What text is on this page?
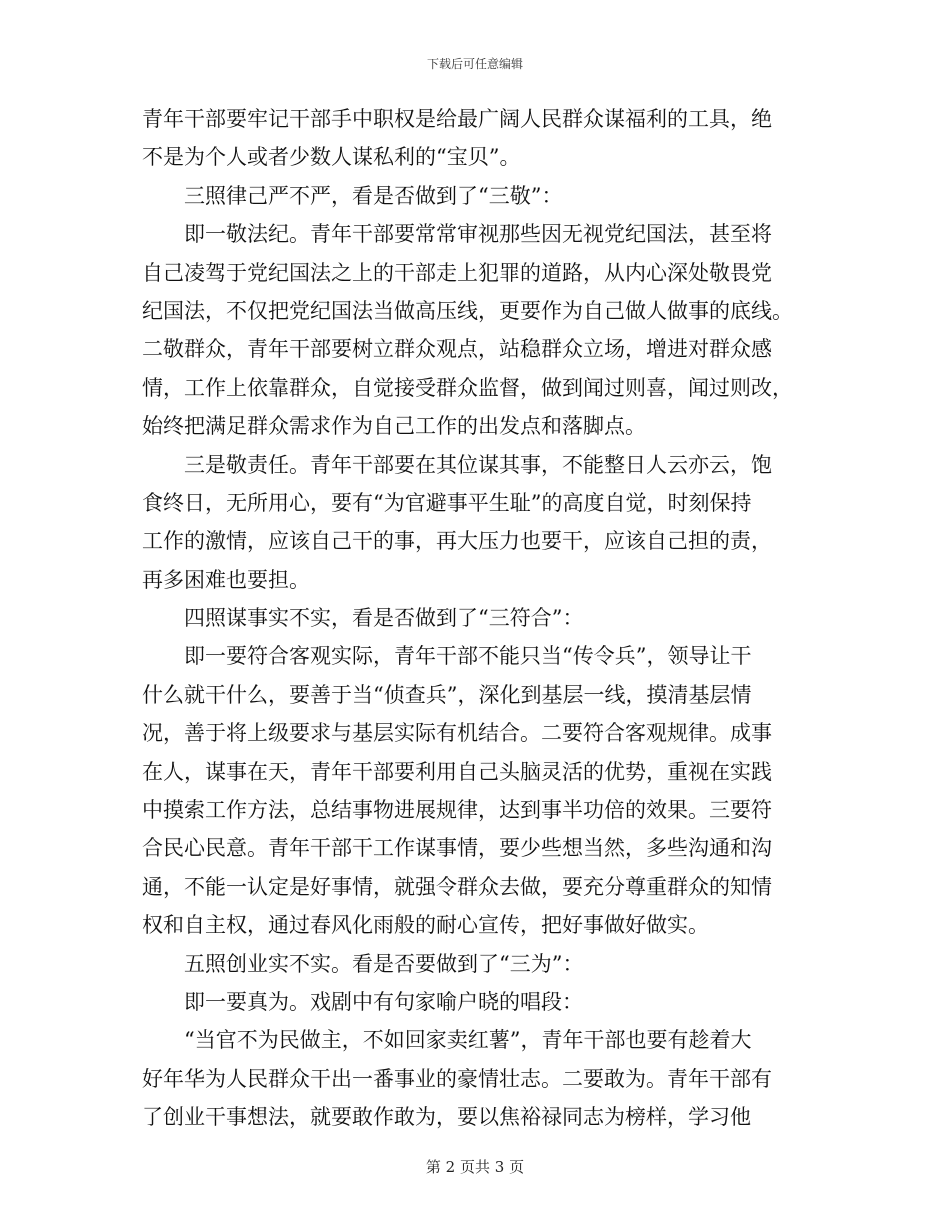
下载后可任意编辑
青年干部要牢记干部手中职权是给最广阔人民群众谋福利的工具，绝
不是为个人或者少数人谋私利的“宝贝”。
三照律己严不严，看是否做到了“三敬”：
即一敬法纪。青年干部要常常审视那些因无视党纪国法，甚至将
自己凌驾于党纪国法之上的干部走上犯罪的道路，从内心深处敬畏党
纪国法，不仅把党纪国法当做高压线，更要作为自己做人做事的底线。
二敬群众，青年干部要树立群众观点，站稳群众立场，增进对群众感
情，工作上依靠群众，自觉接受群众监督，做到闻过则喜，闻过则改，
始终把满足群众需求作为自己工作的出发点和落脚点。
三是敬责任。青年干部要在其位谋其事，不能整日人云亦云，饱
食终日，无所用心，要有“为官避事平生耻”的高度自觉，时刻保持
工作的激情，应该自己干的事，再大压力也要干，应该自己担的责，
再多困难也要担。
四照谋事实不实，看是否做到了“三符合”：
即一要符合客观实际，青年干部不能只当“传令兵”，领导让干
什么就干什么，要善于当“侦查兵”，深化到基层一线，摸清基层情
况，善于将上级要求与基层实际有机结合。二要符合客观规律。成事
在人，谋事在天，青年干部要利用自己头脑灵活的优势，重视在实践
中摸索工作方法，总结事物进展规律，达到事半功倍的效果。三要符
合民心民意。青年干部干工作谋事情，要少些想当然，多些沟通和沟
通，不能一认定是好事情，就强令群众去做，要充分尊重群众的知情
权和自主权，通过春风化雨般的耐心宣传，把好事做好做实。
五照创业实不实。看是否要做到了“三为”：
即一要真为。戏剧中有句家喻户晓的唱段：
“当官不为民做主，不如回家卖红薯”，青年干部也要有趁着大
好年华为人民群众干出一番事业的豪情壮志。二要敢为。青年干部有
了创业干事想法，就要敢作敢为，要以焦裕禄同志为榜样，学习他
第 2 页共 3 页
